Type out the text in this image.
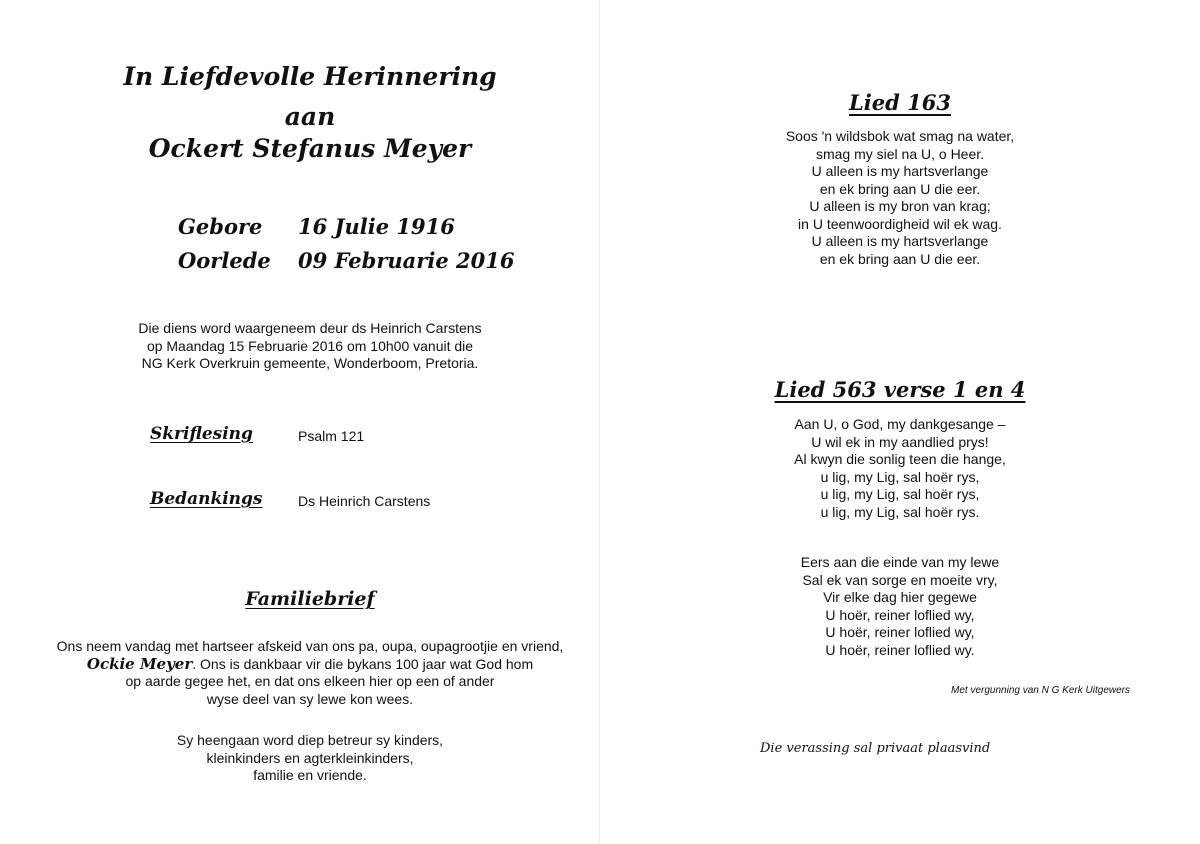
In Liefdevolle Herinnering
aan
Ockert Stefanus Meyer
Gebore 16 Julie 1916
Oorlede 09 Februarie 2016
Die diens word waargeneem deur ds Heinrich Carstens
op Maandag 15 Februarie 2016 om 10h00 vanuit die
NG Kerk Overkruin gemeente, Wonderboom, Pretoria.
Skriflesing	Psalm 121
Bedankings	Ds Heinrich Carstens
Familiebrief
Ons neem vandag met hartseer afskeid van ons pa, oupa, oupagrootjie en vriend,
Ockie Meyer. Ons is dankbaar vir die bykans 100 jaar wat God hom
op aarde gegee het, en dat ons elkeen hier op een of ander
wyse deel van sy lewe kon wees.
Sy heengaan word diep betreur sy kinders,
kleinkinders en agterkleinkinders,
familie en vriende.
Lied 163
Soos 'n wildsbok wat smag na water,
smag my siel na U, o Heer.
U alleen is my hartsverlange
en ek bring aan U die eer.
U alleen is my bron van krag;
in U teenwoordigheid wil ek wag.
U alleen is my hartsverlange
en ek bring aan U die eer.
Lied 563 verse 1 en 4
Aan U, o God, my dankgesange –
U wil ek in my aandlied prys!
Al kwyn die sonlig teen die hange,
u lig, my Lig, sal hoër rys,
u lig, my Lig, sal hoër rys,
u lig, my Lig, sal hoër rys.
Eers aan die einde van my lewe
Sal ek van sorge en moeite vry,
Vir elke dag hier gegewe
U hoër, reiner loflied wy,
U hoër, reiner loflied wy,
U hoër, reiner loflied wy.
Met vergunning van N G Kerk Uitgewers
Die verassing sal privaat plaasvind
